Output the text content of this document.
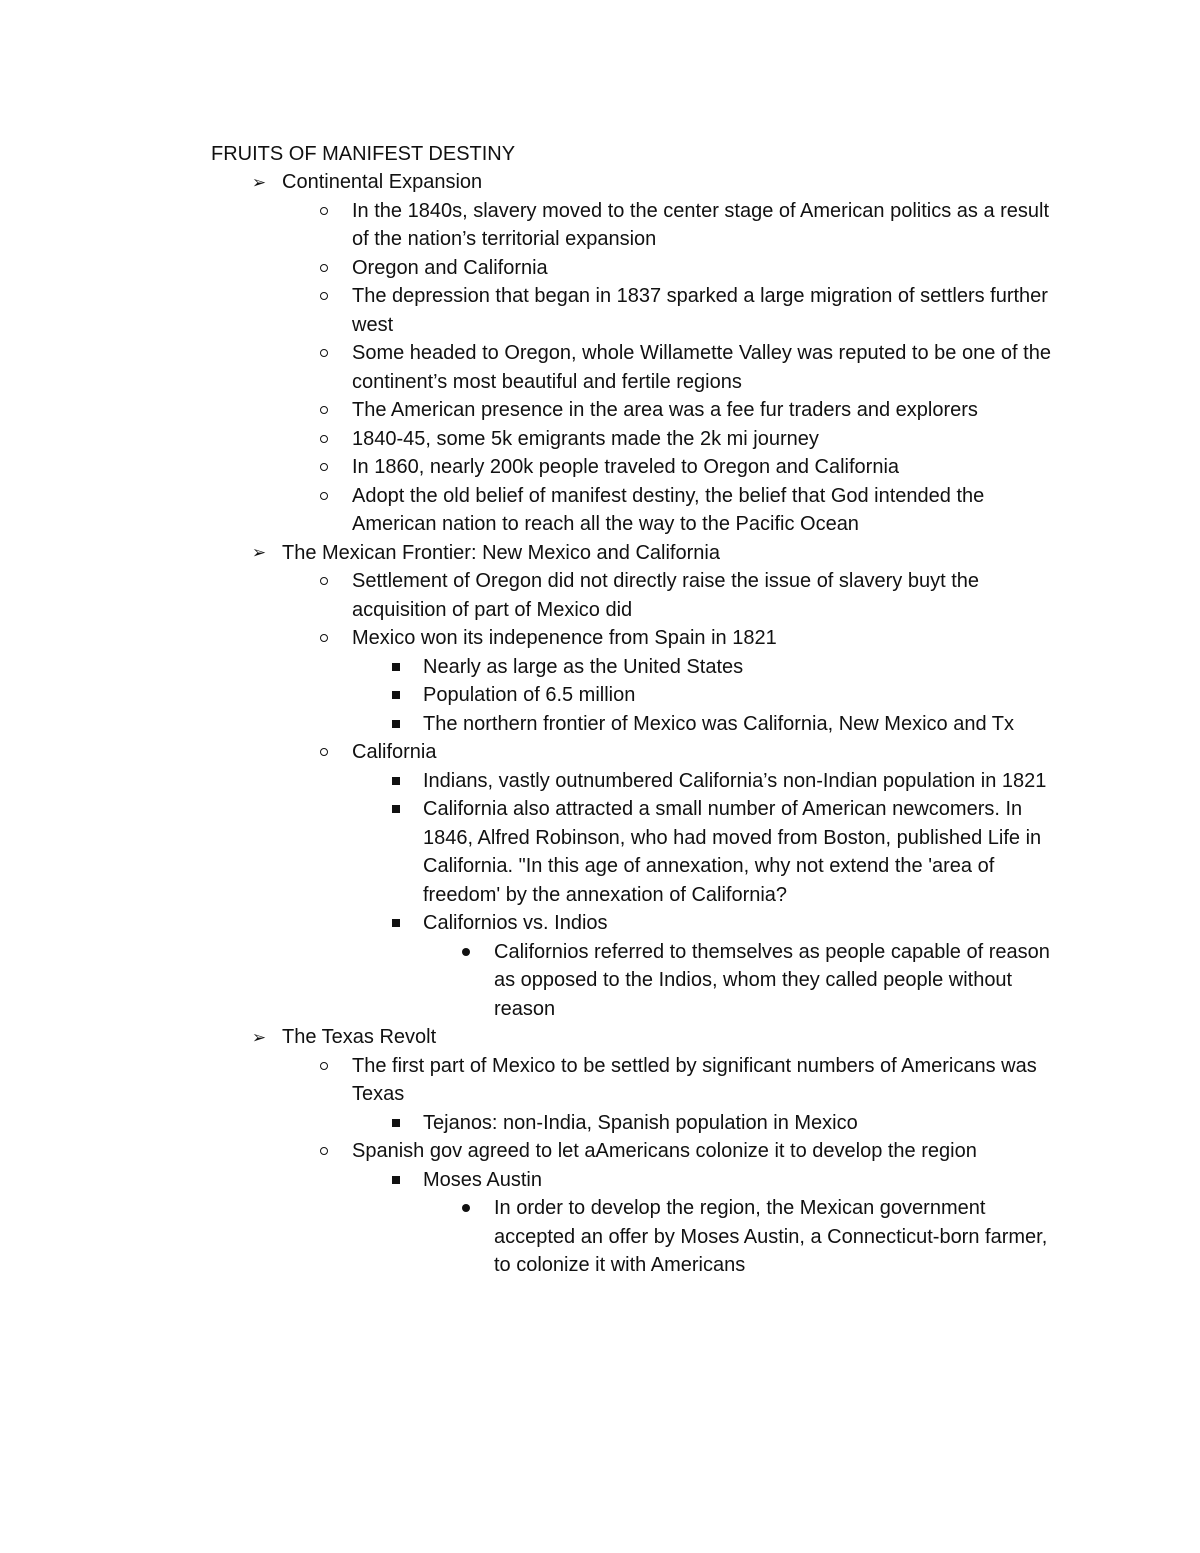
FRUITS OF MANIFEST DESTINY
➢ Continental Expansion
In the 1840s, slavery moved to the center stage of American politics as a result of the nation’s territorial expansion
Oregon and California
The depression that began in 1837 sparked a large migration of settlers further west
Some headed to Oregon, whole Willamette Valley was reputed to be one of the continent’s most beautiful and fertile regions
The American presence in the area was a fee fur traders and explorers
1840-45, some 5k emigrants made the 2k mi journey
In 1860, nearly 200k people traveled to Oregon and California
Adopt the old belief of manifest destiny, the belief that God intended the American nation to reach all the way to the Pacific Ocean
➢ The Mexican Frontier: New Mexico and California
Settlement of Oregon did not directly raise the issue of slavery buyt the acquisition of part of Mexico did
Mexico won its indepenence from Spain in 1821
Nearly as large as the United States
Population of 6.5 million
The northern frontier of Mexico was California, New Mexico and Tx
California
Indians, vastly outnumbered California’s non-Indian population in 1821
California also attracted a small number of American newcomers. In 1846, Alfred Robinson, who had moved from Boston, published Life in California. "In this age of annexation, why not extend the 'area of freedom' by the annexation of California?
Californios vs. Indios
Californios referred to themselves as people capable of reason as opposed to the Indios, whom they called people without reason
➢ The Texas Revolt
The first part of Mexico to be settled by significant numbers of Americans was Texas
Tejanos: non-India, Spanish population in Mexico
Spanish gov agreed to let aAmericans colonize it to develop the region
Moses Austin
In order to develop the region, the Mexican government accepted an offer by Moses Austin, a Connecticut-born farmer, to colonize it with Americans
